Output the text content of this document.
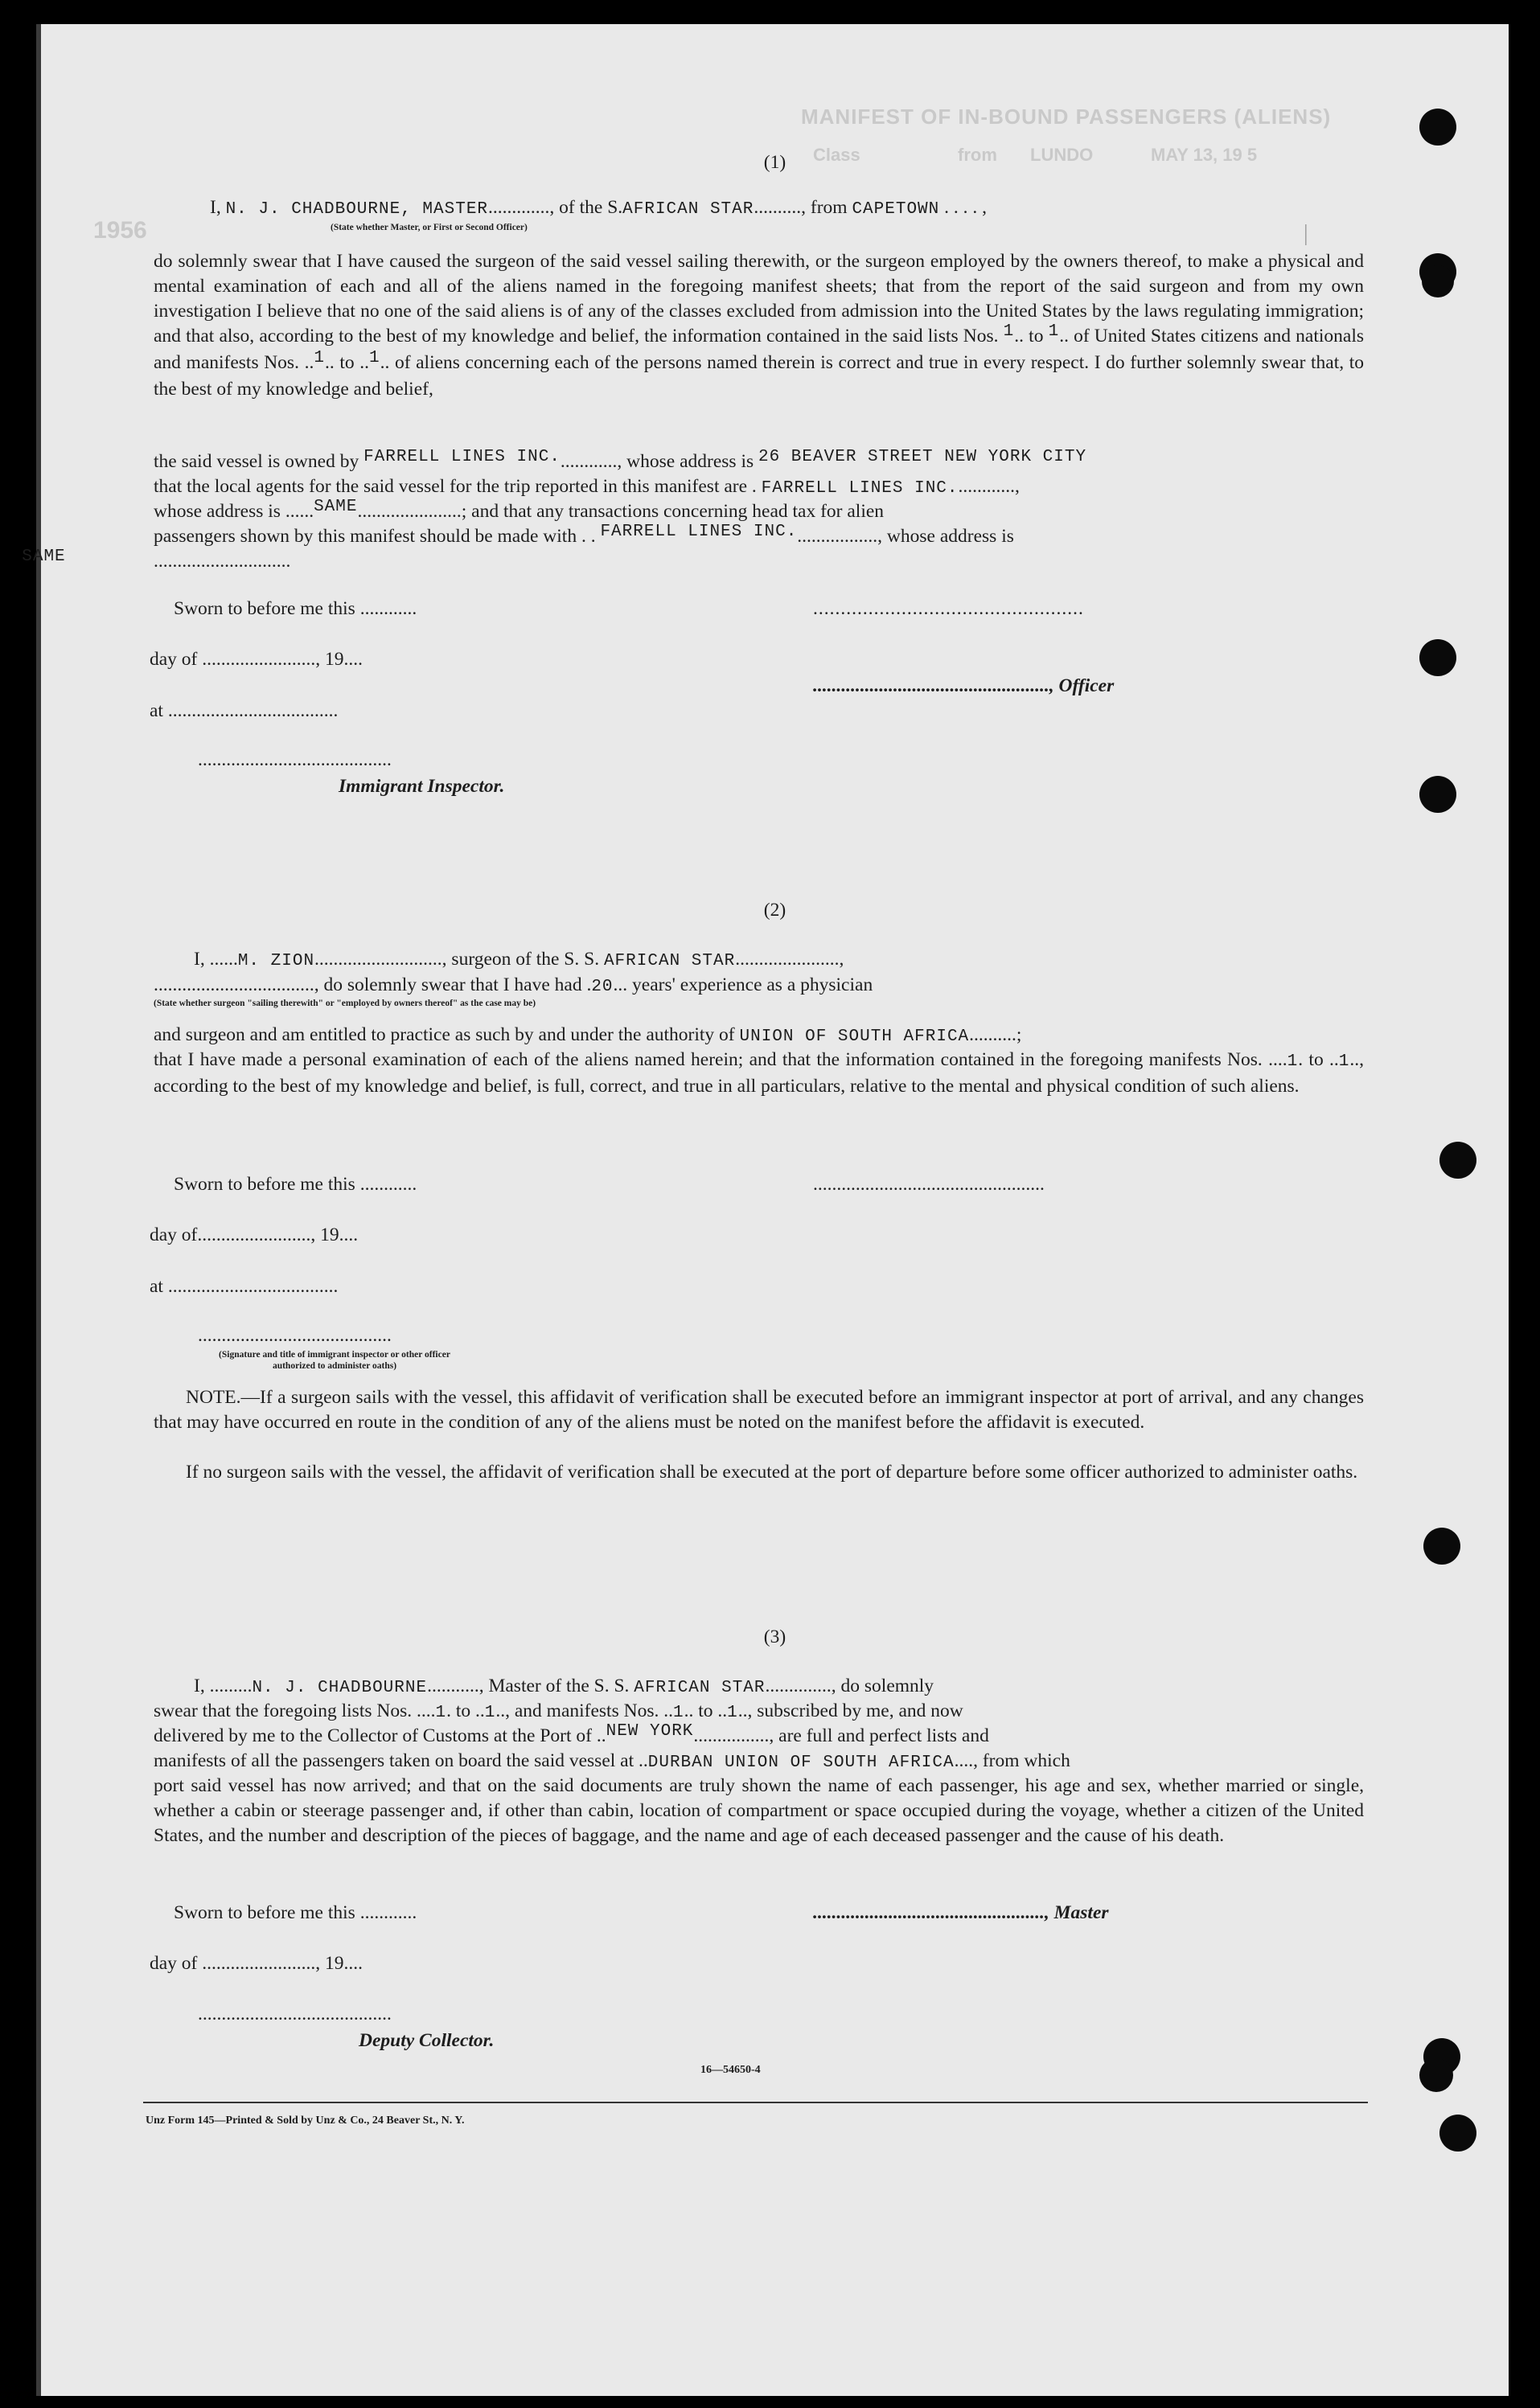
MANIFEST OF IN-BOUND PASSENGERS (ALIENS)
Class	from LUNDO	MAY 13, 19 5
1956
(1)
I, N. J. CHADBOURNE, MASTER............., of the S.AFRICAN STAR.........., from CAPETOWN . . . . ,
(State whether Master, or First or Second Officer)
do solemnly swear that I have caused the surgeon of the said vessel sailing therewith, or the surgeon employed by the owners thereof, to make a physical and mental examination of each and all of the aliens named in the foregoing manifest sheets; that from the report of the said surgeon and from my own investigation I believe that no one of the said aliens is of any of the classes excluded from admission into the United States by the laws regulating immigration; and that also, according to the best of my knowledge and belief, the information contained in the said lists Nos. 1.. to 1.. of United States citizens and nationals and manifests Nos. ..1.. to ..1.. of aliens concerning each of the persons named therein is correct and true in every respect. I do further solemnly swear that, to the best of my knowledge and belief,
the said vessel is owned by FARRELL LINES INC............., whose address is 26 BEAVER STREET NEW YORK CITY
that the local agents for the said vessel for the trip reported in this manifest are . FARRELL LINES INC.............,
whose address is ......SAME......................; and that any transactions concerning head tax for alien
passengers shown by this manifest should be made with . . FARRELL LINES INC.................., whose address is
............................. SAME
Sworn to before me this ............	.................................................
day of ........................, 19....
.................................................., Officer
at ....................................
.........................................
Immigrant Inspector.
(2)
I, ......M. ZION..........................., surgeon of the S. S. AFRICAN STAR......................,
.................................., do solemnly swear that I have had .20... years' experience as a physician
(State whether surgeon "sailing therewith" or "employed by owners thereof" as the case may be)
and surgeon and am entitled to practice as such by and under the authority of UNION OF SOUTH AFRICA..........;
that I have made a personal examination of each of the aliens named herein; and that the information contained in the foregoing manifests Nos. ....1. to ..1.., according to the best of my knowledge and belief, is full, correct, and true in all particulars, relative to the mental and physical condition of such aliens.
Sworn to before me this ............	.................................................
day of........................, 19....
at ....................................
.........................................
(Signature and title of immigrant inspector or other officer authorized to administer oaths)
NOTE.—If a surgeon sails with the vessel, this affidavit of verification shall be executed before an immigrant inspector at port of arrival, and any changes that may have occurred en route in the condition of any of the aliens must be noted on the manifest before the affidavit is executed.
If no surgeon sails with the vessel, the affidavit of verification shall be executed at the port of departure before some officer authorized to administer oaths.
(3)
I, .........N. J. CHADBOURNE..........., Master of the S. S. AFRICAN STAR.............., do solemnly
swear that the foregoing lists Nos. ....1. to ..1.., and manifests Nos. ..1.. to ..1.., subscribed by me, and now
delivered by me to the Collector of Customs at the Port of ..NEW YORK................, are full and perfect lists and
manifests of all the passengers taken on board the said vessel at ..DURBAN UNION OF SOUTH AFRICA...., from which
port said vessel has now arrived; and that on the said documents are truly shown the name of each passenger, his age and sex, whether married or single, whether a cabin or steerage passenger and, if other than cabin, location of compartment or space occupied during the voyage, whether a citizen of the United States, and the number and description of the pieces of baggage, and the name and age of each deceased passenger and the cause of his death.
Sworn to before me this ............	................................................., Master
day of ........................, 19....
.........................................
Deputy Collector.
16—54650-4
Unz Form 145—Printed & Sold by Unz & Co., 24 Beaver St., N. Y.
|
